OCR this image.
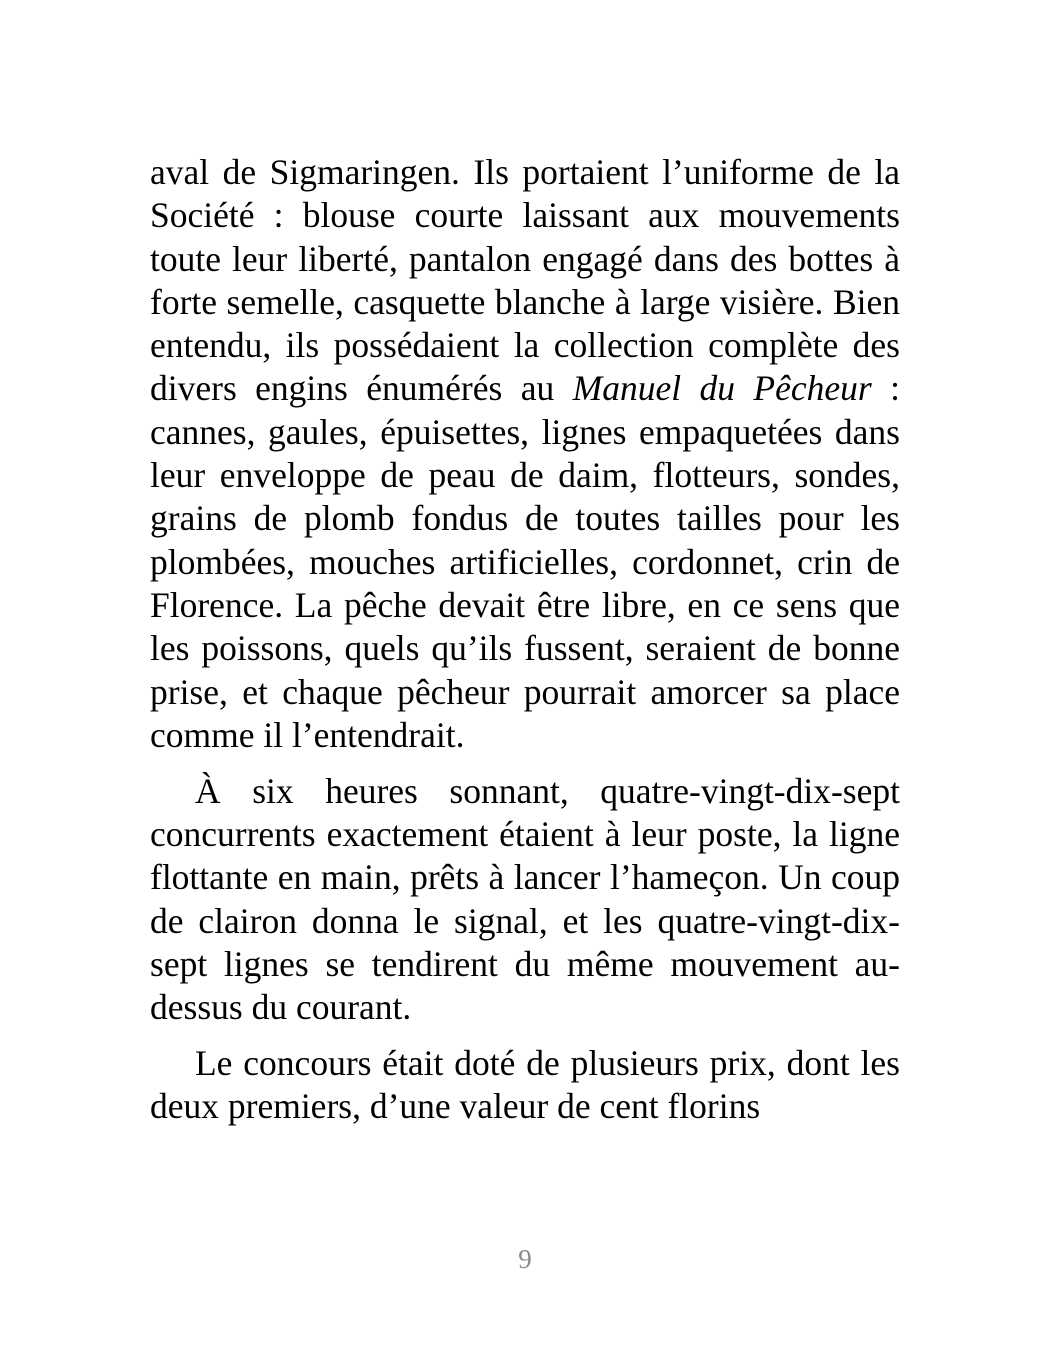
aval de Sigmaringen. Ils portaient l’uniforme de la Société : blouse courte laissant aux mouvements toute leur liberté, pantalon engagé dans des bottes à forte semelle, casquette blanche à large visière. Bien entendu, ils possédaient la collection complète des divers engins énumérés au Manuel du Pêcheur : cannes, gaules, épuisettes, lignes empaquetées dans leur enveloppe de peau de daim, flotteurs, sondes, grains de plomb fondus de toutes tailles pour les plombées, mouches artificielles, cordonnet, crin de Florence. La pêche devait être libre, en ce sens que les poissons, quels qu’ils fussent, seraient de bonne prise, et chaque pêcheur pourrait amorcer sa place comme il l’entendrait.

À six heures sonnant, quatre-vingt-dix-sept concurrents exactement étaient à leur poste, la ligne flottante en main, prêts à lancer l’hameçon. Un coup de clairon donna le signal, et les quatre-vingt-dix-sept lignes se tendirent du même mouvement au-dessus du courant.

Le concours était doté de plusieurs prix, dont les deux premiers, d’une valeur de cent florins

9
